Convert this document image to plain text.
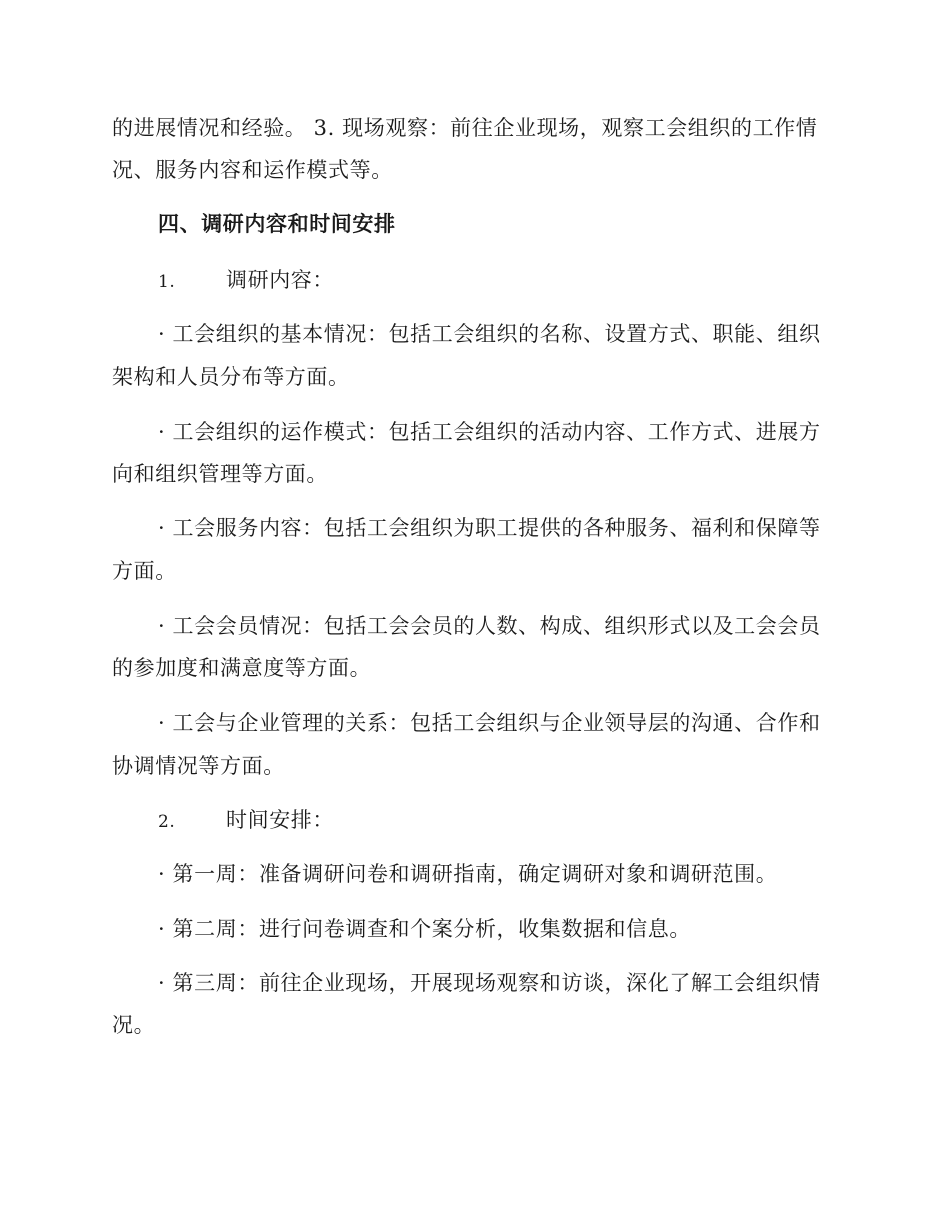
的进展情况和经验。 3. 现场观察：前往企业现场，观察工会组织的工作情
况、服务内容和运作模式等。
四、调研内容和时间安排
1. 调研内容：
· 工会组织的基本情况：包括工会组织的名称、设置方式、职能、组织
架构和人员分布等方面。
· 工会组织的运作模式：包括工会组织的活动内容、工作方式、进展方
向和组织管理等方面。
· 工会服务内容：包括工会组织为职工提供的各种服务、福利和保障等
方面。
· 工会会员情况：包括工会会员的人数、构成、组织形式以及工会会员
的参加度和满意度等方面。
· 工会与企业管理的关系：包括工会组织与企业领导层的沟通、合作和
协调情况等方面。
2. 时间安排：
· 第一周：准备调研问卷和调研指南，确定调研对象和调研范围。
· 第二周：进行问卷调查和个案分析，收集数据和信息。
· 第三周：前往企业现场，开展现场观察和访谈，深化了解工会组织情
况。
